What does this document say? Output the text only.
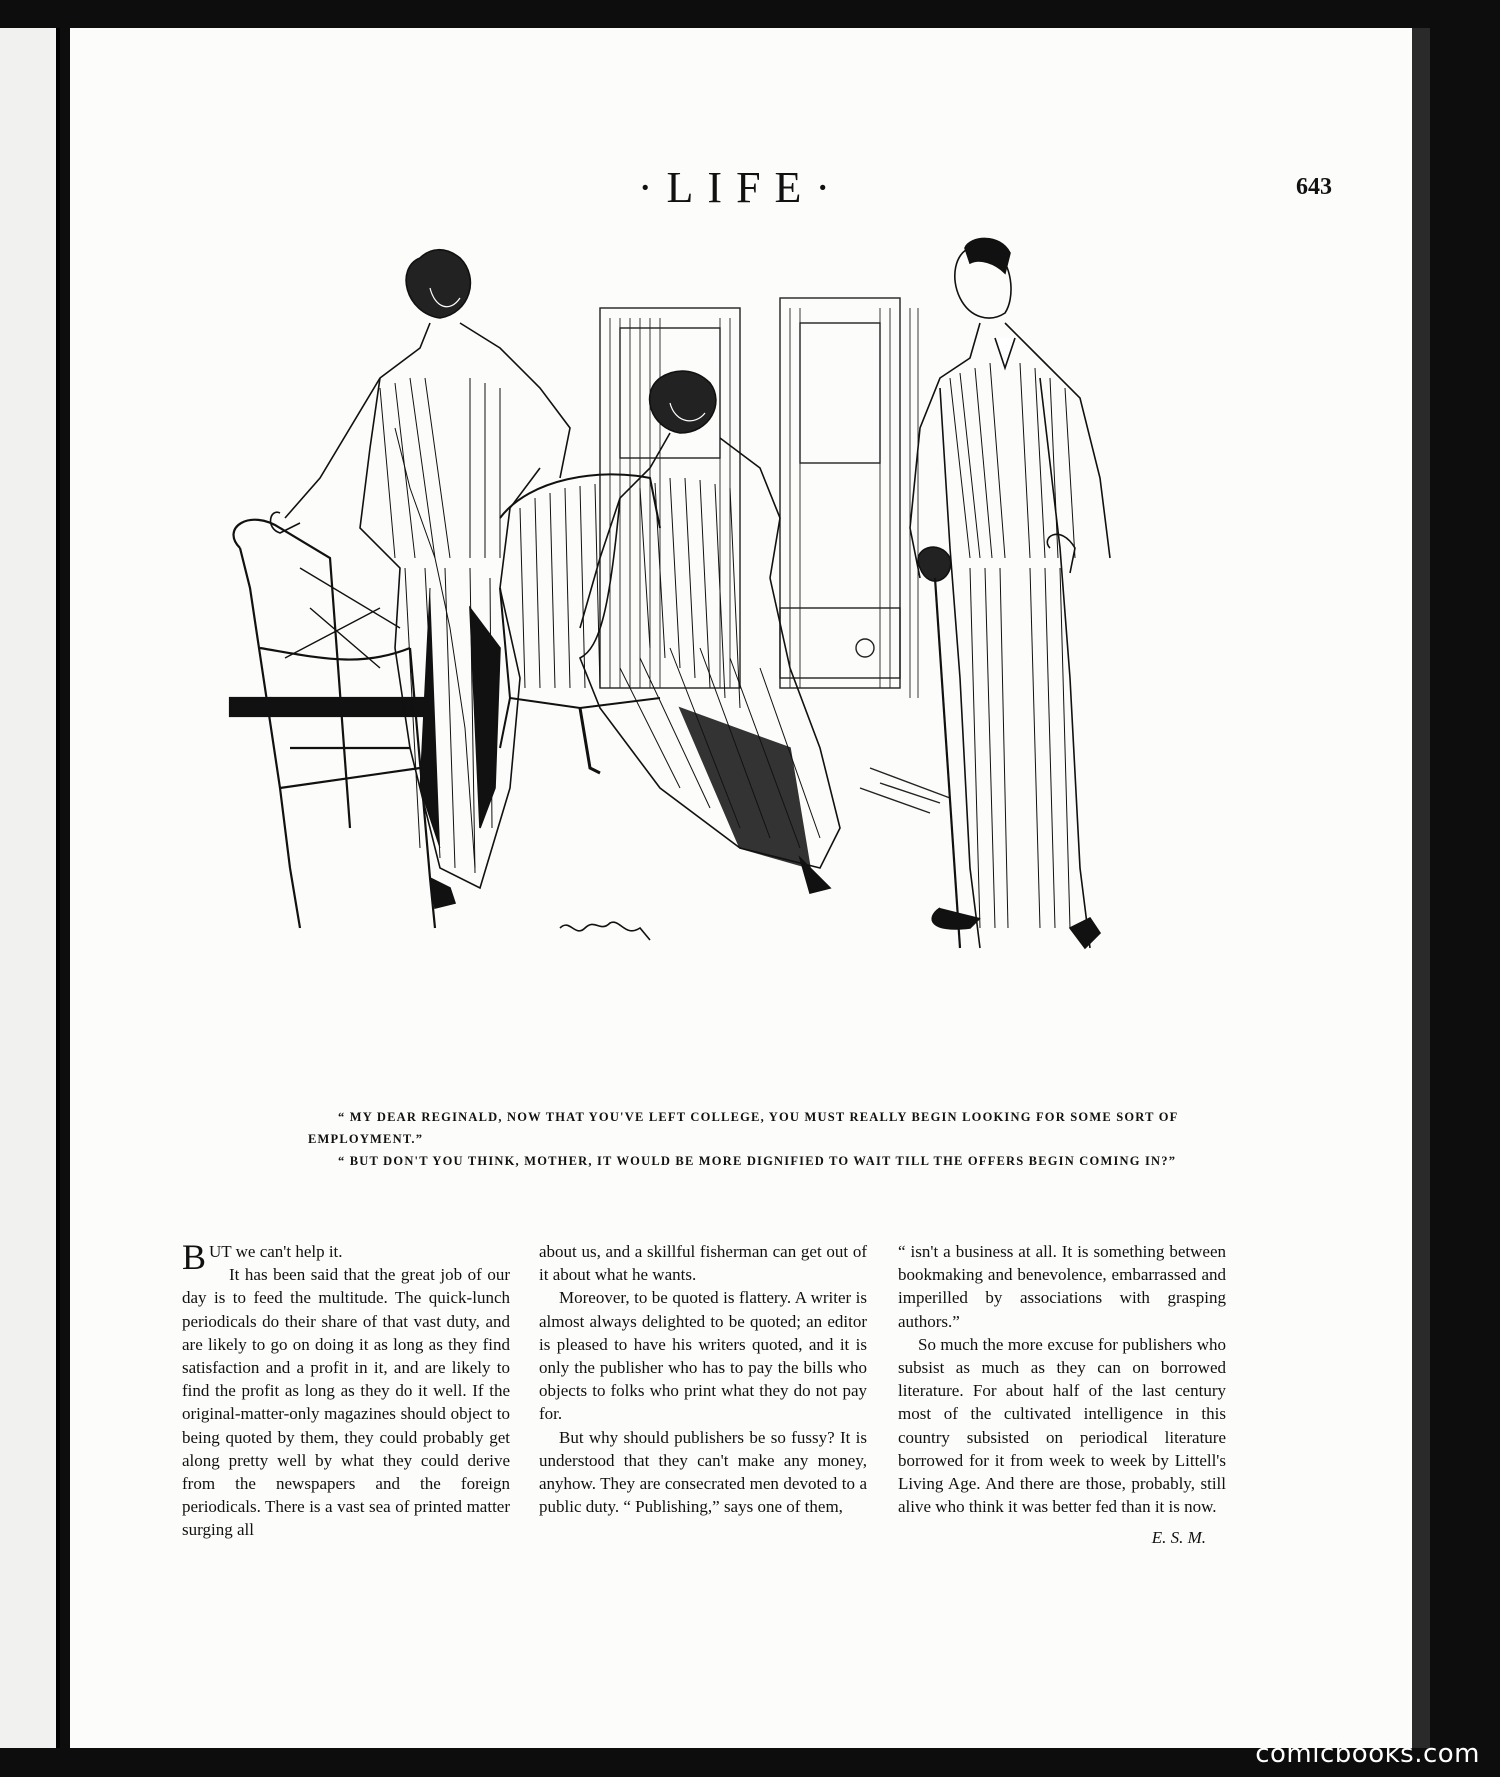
·LIFE·	643

“ MY DEAR REGINALD, NOW THAT YOU'VE LEFT COLLEGE, YOU MUST REALLY BEGIN LOOKING FOR SOME SORT OF EMPLOYMENT.”

“ BUT DON'T YOU THINK, MOTHER, IT WOULD BE MORE DIGNIFIED TO WAIT TILL THE OFFERS BEGIN COMING IN?”

BUT we can't help it.

It has been said that the great job of our day is to feed the multitude. The quick-lunch periodicals do their share of that vast duty, and are likely to go on doing it as long as they find satisfaction and a profit in it, and are likely to find the profit as long as they do it well. If the original-matter-only magazines should object to being quoted by them, they could probably get along pretty well by what they could derive from the newspapers and the foreign periodicals. There is a vast sea of printed matter surging all

about us, and a skillful fisherman can get out of it about what he wants.

Moreover, to be quoted is flattery. A writer is almost always delighted to be quoted; an editor is pleased to have his writers quoted, and it is only the publisher who has to pay the bills who objects to folks who print what they do not pay for.

But why should publishers be so fussy? It is understood that they can't make any money, anyhow. They are consecrated men devoted to a public duty. “ Publishing,” says one of them,

“ isn't a business at all. It is something between bookmaking and benevolence, embarrassed and imperilled by associations with grasping authors.”

So much the more excuse for publishers who subsist as much as they can on borrowed literature. For about half of the last century most of the cultivated intelligence in this country subsisted on periodical literature borrowed for it from week to week by Littell's Living Age. And there are those, probably, still alive who think it was better fed than it is now.

E. S. M.

comicbooks.com
